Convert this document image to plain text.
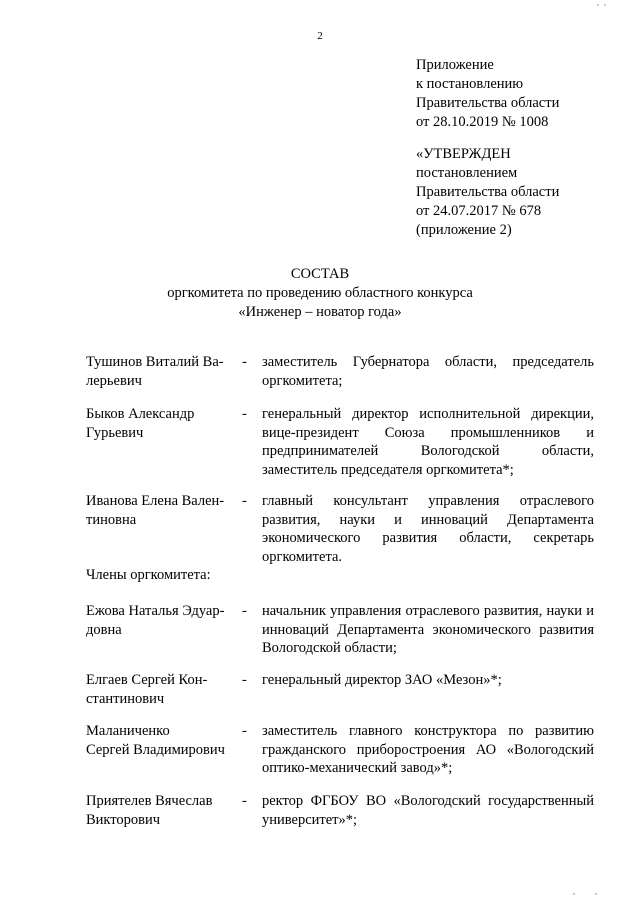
2
Приложение
к постановлению
Правительства области
от 28.10.2019 № 1008
«УТВЕРЖДЕН
постановлением
Правительства области
от 24.07.2017 № 678
(приложение 2)
СОСТАВ
оргкомитета по проведению областного конкурса
«Инженер – новатор года»
Тушинов Виталий Ва-
лерьевич
-	заместитель Губернатора области, председатель оргкомитета;
Быков Александр
Гурьевич
-	генеральный директор исполнительной дирекции, вице-президент Союза промышленников и предпринимателей Вологодской области, заместитель председателя оргкомитета*;
Иванова Елена Вален-
тиновна
-	главный консультант управления отраслевого развития, науки и инноваций Департамента экономического развития области, секретарь оргкомитета.
Члены оргкомитета:
Ежова Наталья Эдуар-
довна
-	начальник управления отраслевого развития, науки и инноваций Департамента экономического развития Вологодской области;
Елгаев Сергей Кон-
стантинович
-	генеральный директор ЗАО «Мезон»*;
Маланиченко
Сергей Владимирович
-	заместитель главного конструктора по развитию гражданского приборостроения АО «Вологодский оптико-механический завод»*;
Приятелев Вячеслав
Викторович
-	ректор ФГБОУ ВО «Вологодский государственный университет»*;
